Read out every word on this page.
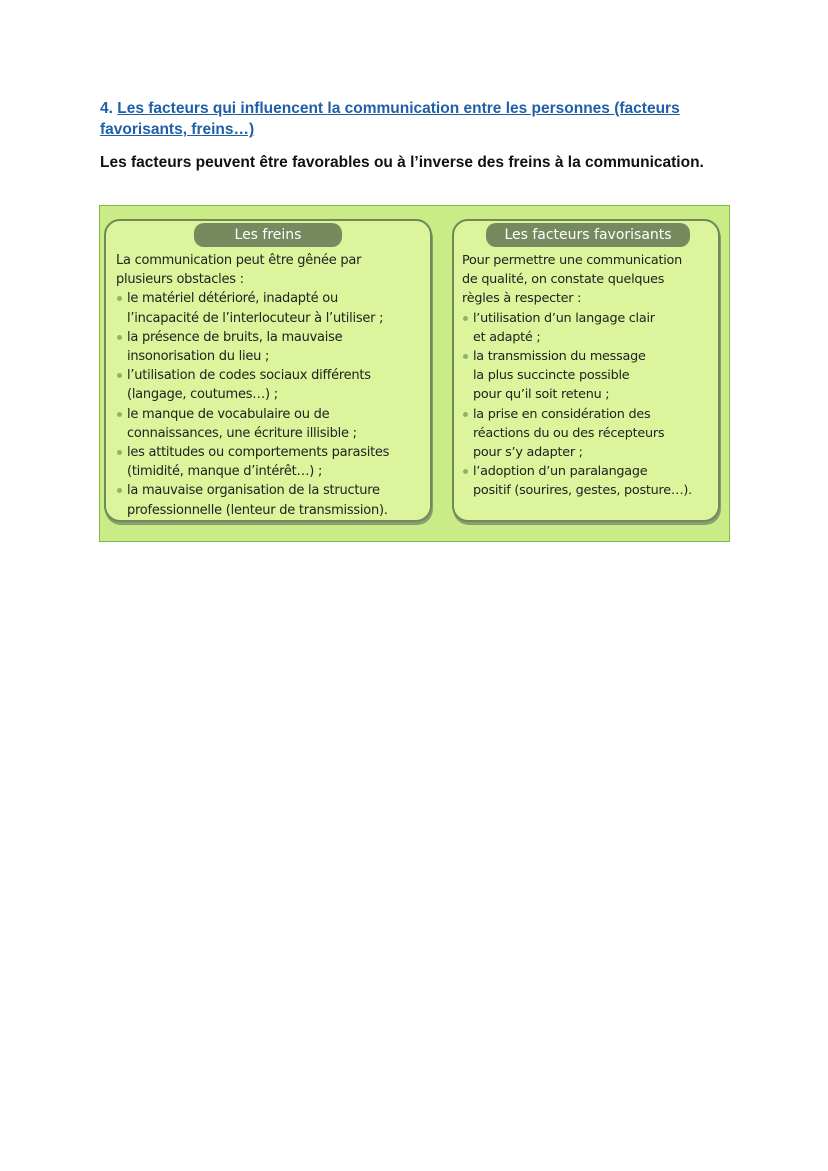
4. Les facteurs qui influencent la communication entre les personnes (facteurs favorisants, freins…)

Les facteurs peuvent être favorables ou à l’inverse des freins à la communication.

Les freins

La communication peut être gênée par
plusieurs obstacles :

le matériel détérioré, inadapté ou
l’incapacité de l’interlocuteur à l’utiliser ;
la présence de bruits, la mauvaise
insonorisation du lieu ;
l’utilisation de codes sociaux différents
(langage, coutumes…) ;
le manque de vocabulaire ou de
connaissances, une écriture illisible ;
les attitudes ou comportements parasites
(timidité, manque d’intérêt…) ;
la mauvaise organisation de la structure
professionnelle (lenteur de transmission).
Les facteurs favorisants

Pour permettre une communication
de qualité, on constate quelques
règles à respecter :

l’utilisation d’un langage clair
et adapté ;
la transmission du message
la plus succincte possible
pour qu’il soit retenu ;
la prise en considération des
réactions du ou des récepteurs
pour s’y adapter ;
l’adoption d’un paralangage
positif (sourires, gestes, posture…).
